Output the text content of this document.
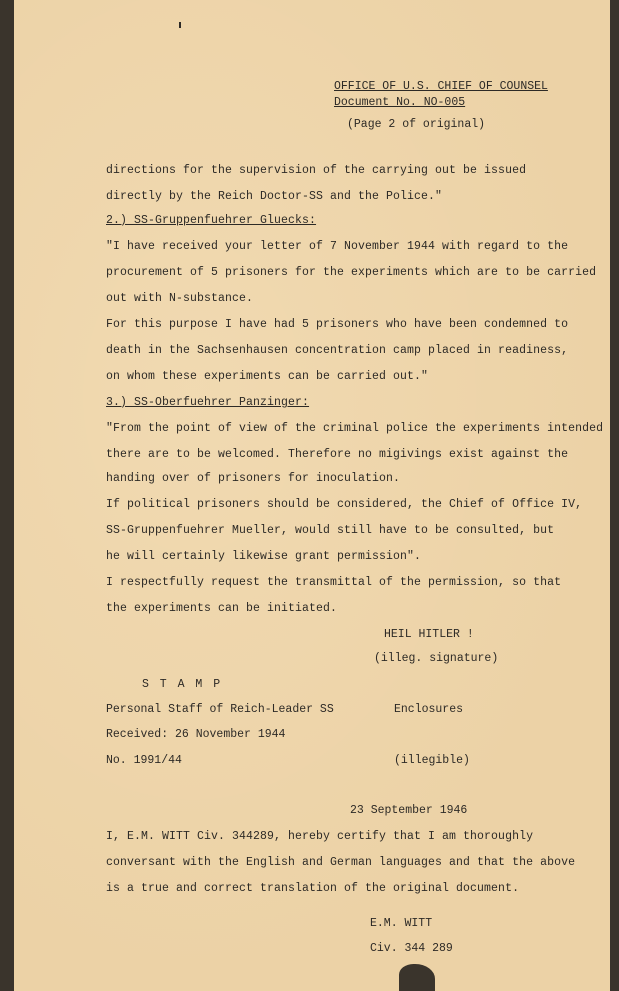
OFFICE OF U.S. CHIEF OF COUNSEL
Document No. NO-005
(Page 2 of original)
directions for the supervision of the carrying out be issued
directly by the Reich Doctor-SS and the Police."
2.) SS-Gruppenfuehrer Gluecks:
"I have received your letter of 7 November 1944 with regard to the
procurement of 5 prisoners for the experiments which are to be carried
out with N-substance.
For this purpose I have had 5 prisoners who have been condemned to
death in the Sachsenhausen concentration camp placed in readiness,
on whom these experiments can be carried out."
3.) SS-Oberfuehrer Panzinger:
"From the point of view of the criminal police the experiments intended
there are to be welcomed. Therefore no migivings exist against the
handing over of prisoners for inoculation.
If political prisoners should be considered, the Chief of Office IV,
SS-Gruppenfuehrer Mueller, would still have to be consulted, but
he will certainly likewise grant permission".
I respectfully request the transmittal of the permission, so that
the experiments can be initiated.
HEIL HITLER !
(illeg. signature)
S T A M P
Personal Staff of Reich-Leader SS	Enclosures
Received: 26 November 1944
No. 1991/44	(illegible)
23 September 1946
I, E.M. WITT Civ. 344289, hereby certify that I am thoroughly
conversant with the English and German languages and that the above
is a true and correct translation of the original document.
E.M. WITT
Civ. 344 289
